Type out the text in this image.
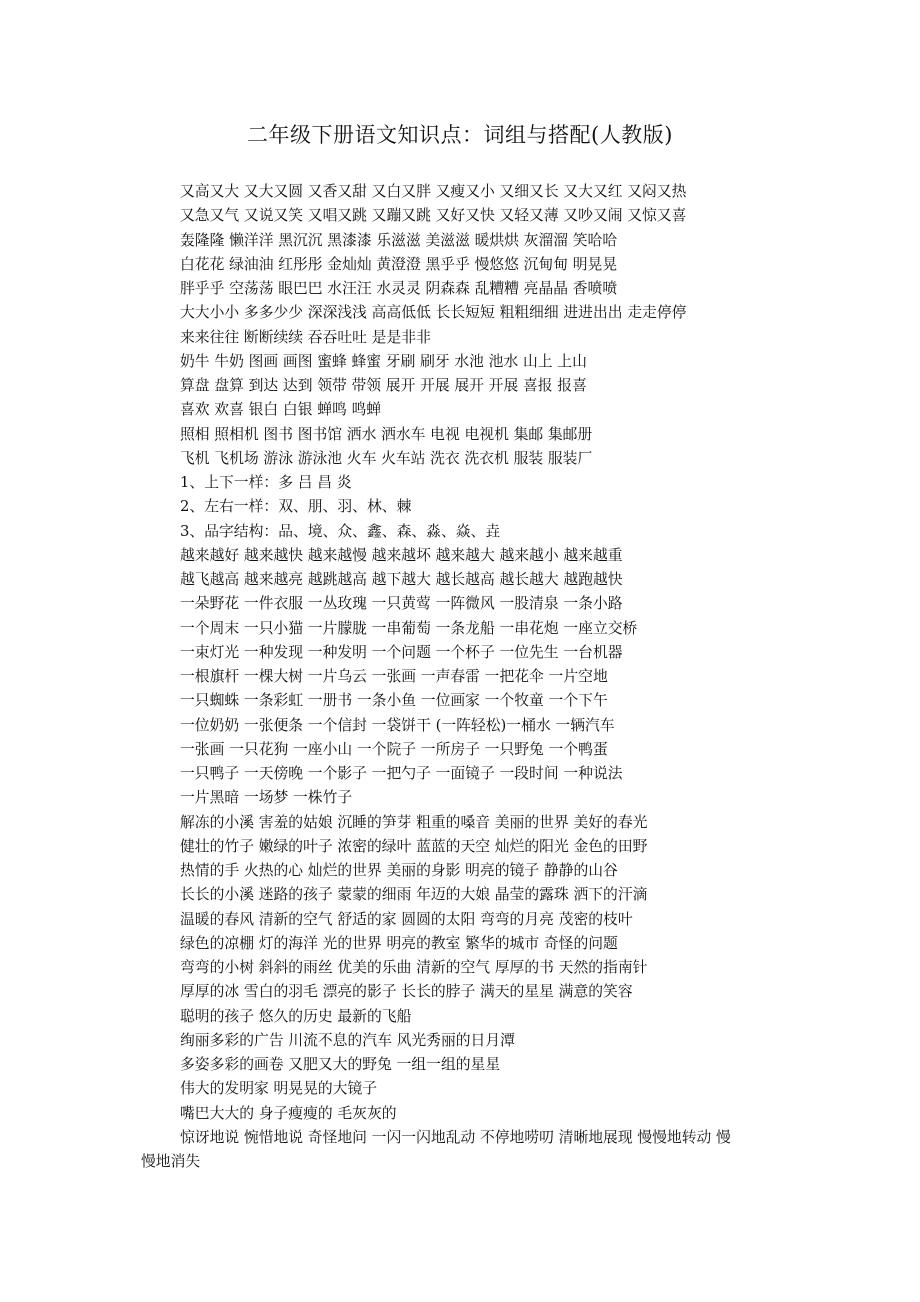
二年级下册语文知识点：词组与搭配(人教版)
又高又大 又大又圆 又香又甜 又白又胖 又瘦又小 又细又长 又大又红 又闷又热
又急又气 又说又笑 又唱又跳 又蹦又跳 又好又快 又轻又薄 又吵又闹 又惊又喜
轰隆隆 懒洋洋 黑沉沉 黑漆漆 乐滋滋 美滋滋 暖烘烘 灰溜溜 笑哈哈
白花花 绿油油 红彤彤 金灿灿 黄澄澄 黑乎乎 慢悠悠 沉甸甸 明晃晃
胖乎乎 空荡荡 眼巴巴 水汪汪 水灵灵 阴森森 乱糟糟 亮晶晶 香喷喷
大大小小 多多少少 深深浅浅 高高低低 长长短短 粗粗细细 进进出出 走走停停
来来往往 断断续续 吞吞吐吐 是是非非
奶牛 牛奶 图画 画图 蜜蜂 蜂蜜 牙刷 刷牙 水池 池水 山上 上山
算盘 盘算 到达 达到 领带 带领 展开 开展 展开 开展 喜报 报喜
喜欢 欢喜 银白 白银 蝉鸣 鸣蝉
照相 照相机 图书 图书馆 洒水 洒水车 电视 电视机 集邮 集邮册
飞机 飞机场 游泳 游泳池 火车 火车站 洗衣 洗衣机 服装 服装厂
1、上下一样：多 吕 昌 炎
2、左右一样：双、朋、羽、林、棘
3、品字结构：品、境、众、鑫、森、淼、焱、垚
越来越好 越来越快 越来越慢 越来越坏 越来越大 越来越小 越来越重
越飞越高 越来越亮 越跳越高 越下越大 越长越高 越长越大 越跑越快
一朵野花 一件衣服 一丛玫瑰 一只黄莺 一阵微风 一股清泉 一条小路
一个周末 一只小猫 一片朦胧 一串葡萄 一条龙船 一串花炮 一座立交桥
一束灯光 一种发现 一种发明 一个问题 一个杯子 一位先生 一台机器
一根旗杆 一棵大树 一片乌云 一张画 一声春雷 一把花伞 一片空地
一只蜘蛛 一条彩虹 一册书 一条小鱼 一位画家 一个牧童 一个下午
一位奶奶 一张便条 一个信封 一袋饼干 (一阵轻松)一桶水 一辆汽车
一张画 一只花狗 一座小山 一个院子 一所房子 一只野兔 一个鸭蛋
一只鸭子 一天傍晚 一个影子 一把勺子 一面镜子 一段时间 一种说法
一片黑暗 一场梦 一株竹子
解冻的小溪 害羞的姑娘 沉睡的笋芽 粗重的嗓音 美丽的世界 美好的春光
健壮的竹子 嫩绿的叶子 浓密的绿叶 蓝蓝的天空 灿烂的阳光 金色的田野
热情的手 火热的心 灿烂的世界 美丽的身影 明亮的镜子 静静的山谷
长长的小溪 迷路的孩子 蒙蒙的细雨 年迈的大娘 晶莹的露珠 洒下的汗滴
温暖的春风 清新的空气 舒适的家 圆圆的太阳 弯弯的月亮 茂密的枝叶
绿色的凉棚 灯的海洋 光的世界 明亮的教室 繁华的城市 奇怪的问题
弯弯的小树 斜斜的雨丝 优美的乐曲 清新的空气 厚厚的书 天然的指南针
厚厚的冰 雪白的羽毛 漂亮的影子 长长的脖子 满天的星星 满意的笑容
聪明的孩子 悠久的历史 最新的飞船
绚丽多彩的广告 川流不息的汽车 风光秀丽的日月潭
多姿多彩的画卷 又肥又大的野兔 一组一组的星星
伟大的发明家 明晃晃的大镜子
嘴巴大大的 身子瘦瘦的 毛灰灰的
惊讶地说 惋惜地说 奇怪地问 一闪一闪地乱动 不停地唠叨 清晰地展现 慢慢地转动 慢
慢地消失
